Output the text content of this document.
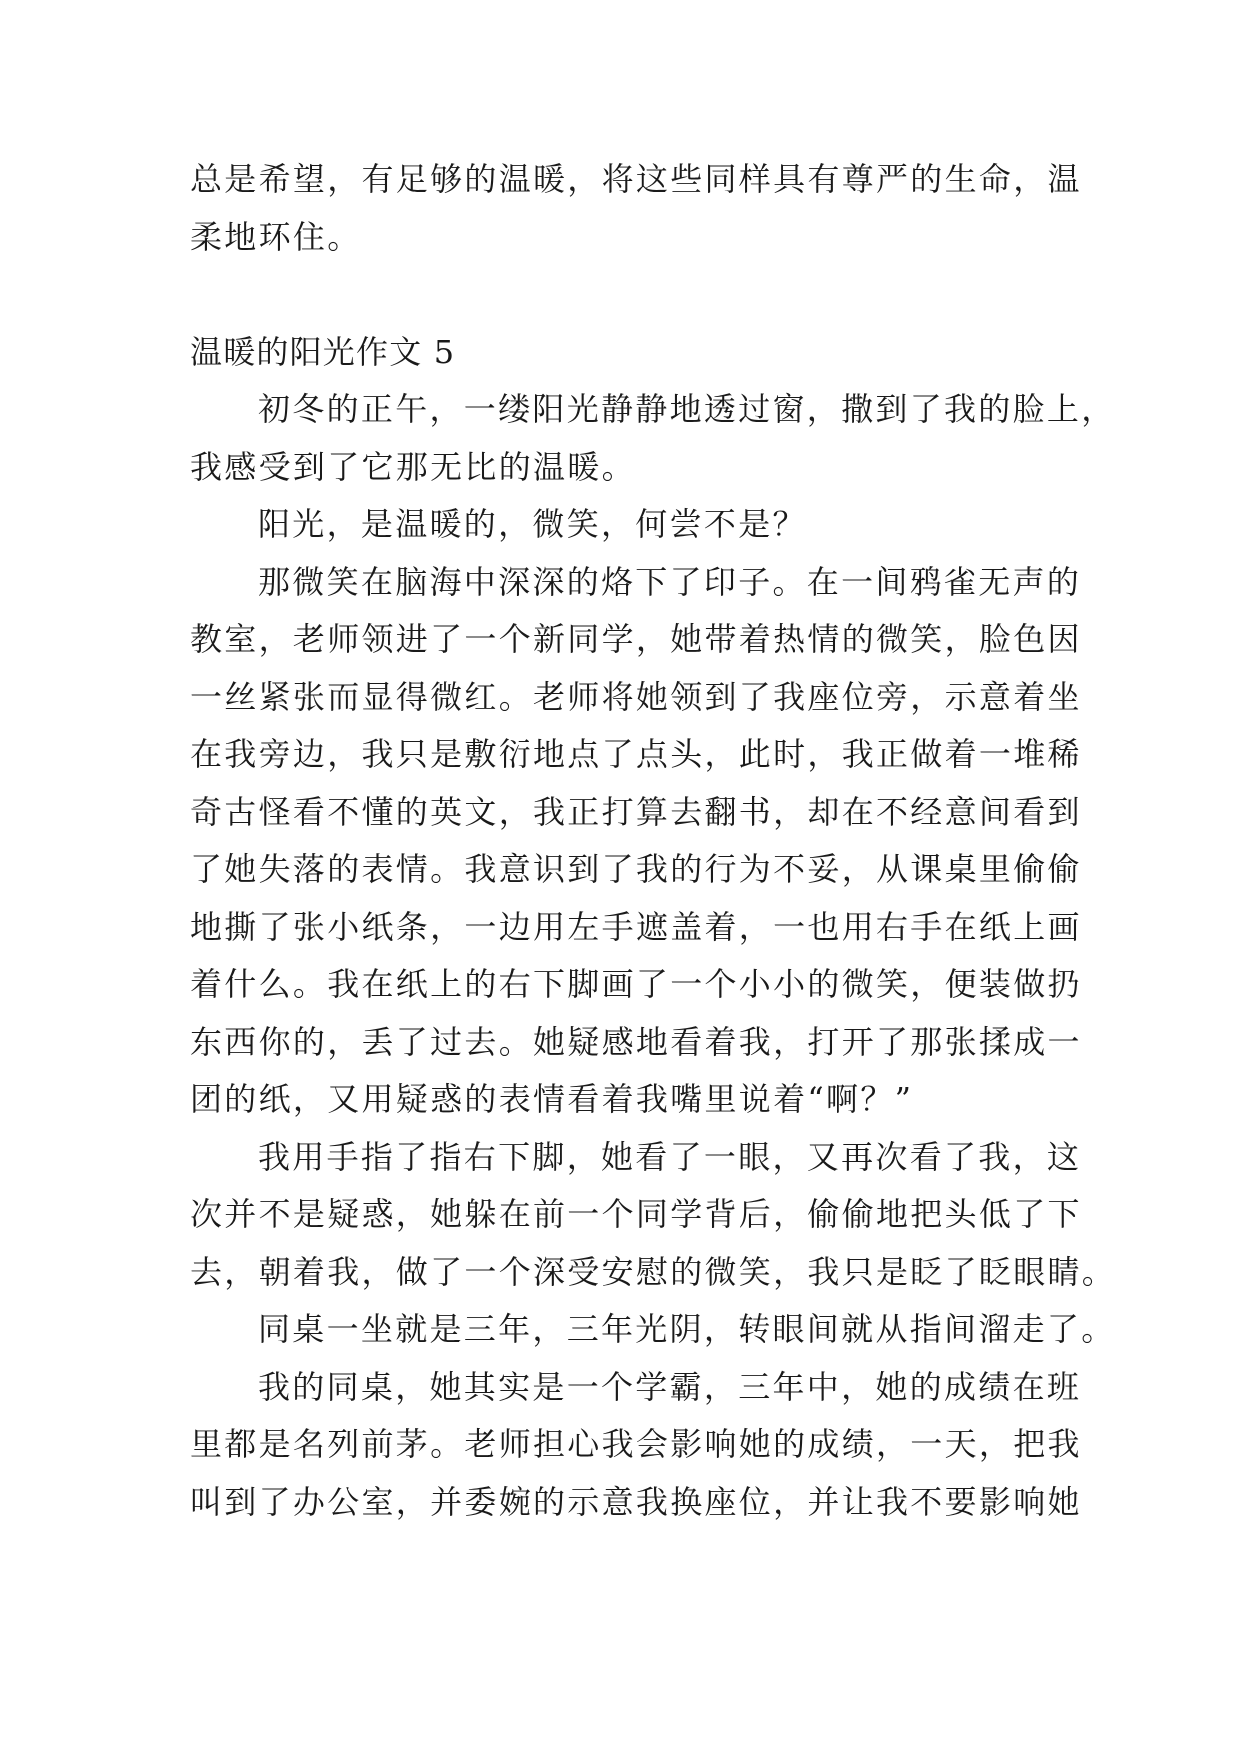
总是希望，有足够的温暖，将这些同样具有尊严的生命，温
柔地环住。
温暖的阳光作文 5
初冬的正午，一缕阳光静静地透过窗，撒到了我的脸上，
我感受到了它那无比的温暖。
阳光，是温暖的，微笑，何尝不是？
那微笑在脑海中深深的烙下了印子。在一间鸦雀无声的
教室，老师领进了一个新同学，她带着热情的微笑，脸色因
一丝紧张而显得微红。老师将她领到了我座位旁，示意着坐
在我旁边，我只是敷衍地点了点头，此时，我正做着一堆稀
奇古怪看不懂的英文，我正打算去翻书，却在不经意间看到
了她失落的表情。我意识到了我的行为不妥，从课桌里偷偷
地撕了张小纸条，一边用左手遮盖着，一也用右手在纸上画
着什么。我在纸上的右下脚画了一个小小的微笑，便装做扔
东西你的，丢了过去。她疑感地看着我，打开了那张揉成一
团的纸，又用疑惑的表情看着我嘴里说着“啊？”
我用手指了指右下脚，她看了一眼，又再次看了我，这
次并不是疑惑，她躲在前一个同学背后，偷偷地把头低了下
去，朝着我，做了一个深受安慰的微笑，我只是眨了眨眼睛。
同桌一坐就是三年，三年光阴，转眼间就从指间溜走了。
我的同桌，她其实是一个学霸，三年中，她的成绩在班
里都是名列前茅。老师担心我会影响她的成绩，一天，把我
叫到了办公室，并委婉的示意我换座位，并让我不要影响她
